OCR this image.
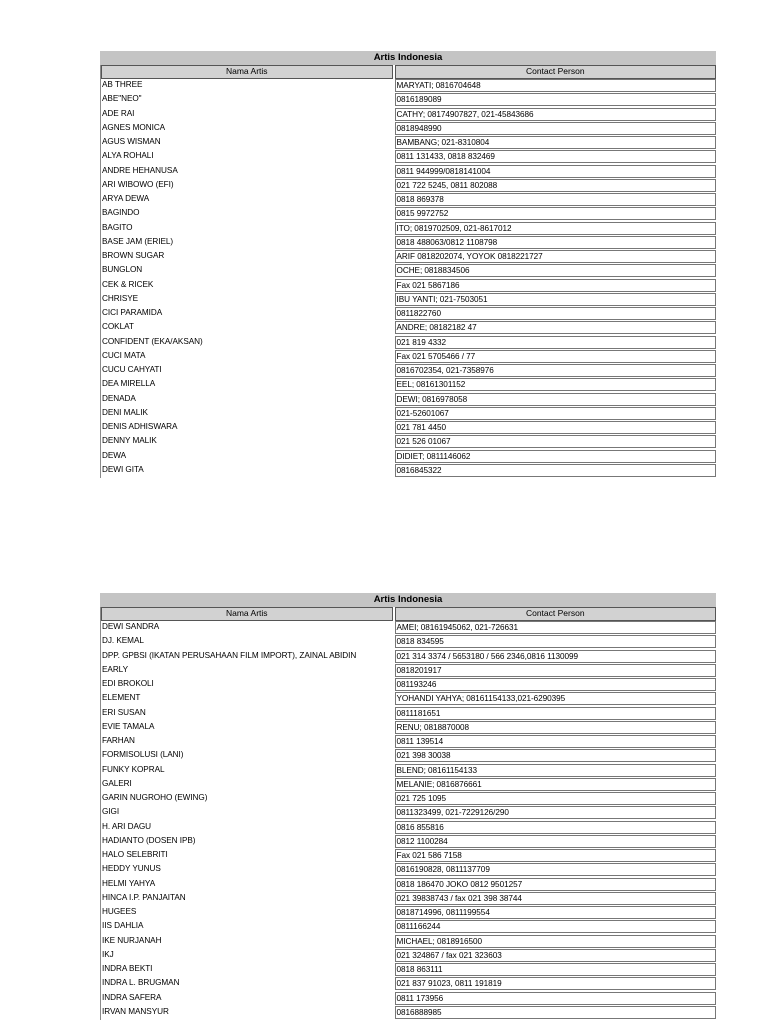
Artis Indonesia
Nama Artis	Contact Person
AB THREE	MARYATI; 0816704648
ABE"NEO"	0816189089
ADE RAI	CATHY; 08174907827, 021-45843686
AGNES MONICA	0818948990
AGUS WISMAN	BAMBANG; 021-8310804
ALYA ROHALI	0811 131433, 0818 832469
ANDRE HEHANUSA	0811 944999/0818141004
ARI WIBOWO (EFI)	021 722 5245, 0811 802088
ARYA DEWA	0818 869378
BAGINDO	0815 9972752
BAGITO	ITO; 0819702509, 021-8617012
BASE JAM (ERIEL)	0818 488063/0812 1108798
BROWN SUGAR	ARIF 0818202074, YOYOK 0818221727
BUNGLON	OCHE; 0818834506
CEK & RICEK	Fax 021 5867186
CHRISYE	IBU YANTI; 021-7503051
CICI PARAMIDA	0811822760
COKLAT	ANDRE; 08182182 47
CONFIDENT (EKA/AKSAN)	021 819 4332
CUCI MATA	Fax 021 5705466 / 77
CUCU CAHYATI	0816702354, 021-7358976
DEA MIRELLA	EEL; 08161301152
DENADA	DEWI; 0816978058
DENI MALIK	021-52601067
DENIS ADHISWARA	021 781 4450
DENNY MALIK	021 526 01067
DEWA	DIDIET; 0811146062
DEWI GITA	0816845322
Artis Indonesia
Nama Artis	Contact Person
DEWI SANDRA	AMEI; 08161945062, 021-726631
DJ. KEMAL	0818 834595
DPP. GPBSI (IKATAN PERUSAHAAN FILM IMPORT), ZAINAL ABIDIN	021 314 3374 / 5653180 / 566 2346,0816 1130099
EARLY	0818201917
EDI BROKOLI	081193246
ELEMENT	YOHANDI YAHYA; 08161154133,021-6290395
ERI SUSAN	0811181651
EVIE TAMALA	RENU; 0818870008
FARHAN	0811 139514
FORMISOLUSI (LANI)	021 398 30038
FUNKY KOPRAL	BLEND; 08161154133
GALERI	MELANIE; 0816876661
GARIN NUGROHO (EWING)	021 725 1095
GIGI	0811323499, 021-7229126/290
H. ARI DAGU	0816 855816
HADIANTO (DOSEN IPB)	0812 1100284
HALO SELEBRITI	Fax 021 586 7158
HEDDY YUNUS	0816190828, 0811137709
HELMI YAHYA	0818 186470 JOKO 0812 9501257
HINCA I.P. PANJAITAN	021 39838743 / fax 021 398 38744
HUGEES	0818714996, 0811199554
IIS DAHLIA	0811166244
IKE NURJANAH	MICHAEL; 0818916500
IKJ	021 324867 / fax 021 323603
INDRA BEKTI	0818 863111
INDRA L. BRUGMAN	021 837 91023, 0811 191819
INDRA SAFERA	0811 173956
IRVAN MANSYUR	0816888985
